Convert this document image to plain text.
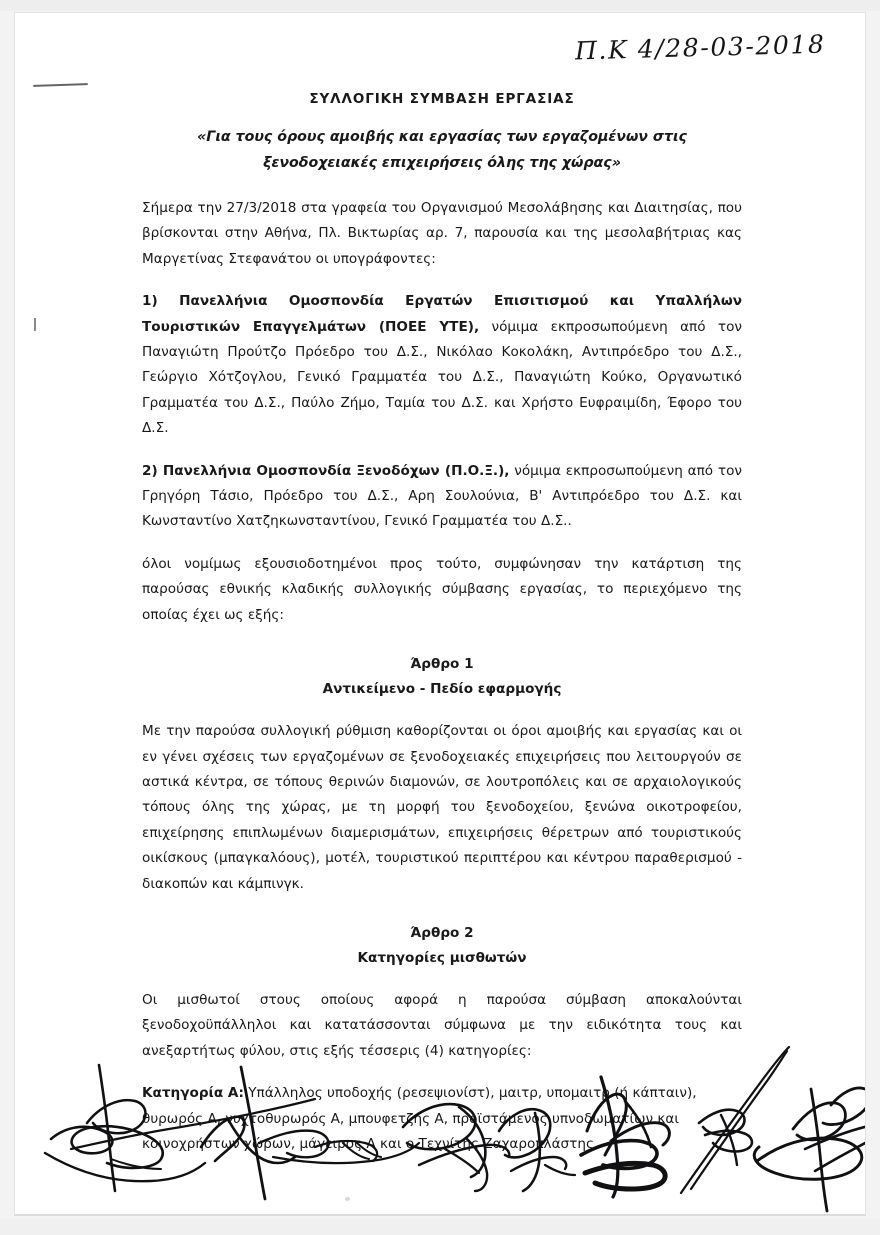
Π.Κ 4/28-03-2018
ΣΥΛΛΟΓΙΚΗ ΣΥΜΒΑΣΗ ΕΡΓΑΣΙΑΣ
«Για τους όρους αμοιβής και εργασίας των εργαζομένων στις ξενοδοχειακές επιχειρήσεις όλης της χώρας»

Σήμερα την 27/3/2018 στα γραφεία του Οργανισμού Μεσολάβησης και Διαιτησίας, που βρίσκονται στην Αθήνα, Πλ. Βικτωρίας αρ. 7, παρουσία και της μεσολαβήτριας κας Μαργετίνας Στεφανάτου οι υπογράφοντες:

1) Πανελλήνια Ομοσπονδία Εργατών Επισιτισμού και Υπαλλήλων Τουριστικών Επαγγελμάτων (ΠΟΕΕ ΥΤΕ), νόμιμα εκπροσωπούμενη από τον Παναγιώτη Προύτζο Πρόεδρο του Δ.Σ., Νικόλαο Κοκολάκη, Αντιπρόεδρο του Δ.Σ., Γεώργιο Χότζογλου, Γενικό Γραμματέα του Δ.Σ., Παναγιώτη Κούκο, Οργανωτικό Γραμματέα του Δ.Σ., Παύλο Ζήμο, Ταμία του Δ.Σ. και Χρήστο Ευφραιμίδη, Έφορο του Δ.Σ.

2) Πανελλήνια Ομοσπονδία Ξενοδόχων (Π.Ο.Ξ.), νόμιμα εκπροσωπούμενη από τον Γρηγόρη Τάσιο, Πρόεδρο του Δ.Σ., Αρη Σουλούνια, Β' Αντιπρόεδρο του Δ.Σ. και Κωνσταντίνο Χατζηκωνσταντίνου, Γενικό Γραμματέα του Δ.Σ..

όλοι νομίμως εξουσιοδοτημένοι προς τούτο, συμφώνησαν την κατάρτιση της παρούσας εθνικής κλαδικής συλλογικής σύμβασης εργασίας, το περιεχόμενο της οποίας έχει ως εξής:

Άρθρο 1
Αντικείμενο - Πεδίο εφαρμογής

Με την παρούσα συλλογική ρύθμιση καθορίζονται οι όροι αμοιβής και εργασίας και οι εν γένει σχέσεις των εργαζομένων σε ξενοδοχειακές επιχειρήσεις που λειτουργούν σε αστικά κέντρα, σε τόπους θερινών διαμονών, σε λουτροπόλεις και σε αρχαιολογικούς τόπους όλης της χώρας, με τη μορφή του ξενοδοχείου, ξενώνα οικοτροφείου, επιχείρησης επιπλωμένων διαμερισμάτων, επιχειρήσεις θέρετρων από τουριστικούς οικίσκους (μπαγκαλόους), μοτέλ, τουριστικού περιπτέρου και κέντρου παραθερισμού - διακοπών και κάμπινγκ.

Άρθρο 2
Κατηγορίες μισθωτών

Οι μισθωτοί στους οποίους αφορά η παρούσα σύμβαση αποκαλούνται ξενοδοχοϋπάλληλοι και κατατάσσονται σύμφωνα με την ειδικότητα τους και ανεξαρτήτως φύλου, στις εξής τέσσερις (4) κατηγορίες:

Κατηγορία Α: Υπάλληλος υποδοχής (ρεσεψιονίστ), μαιτρ, υπομαιτρ (ή κάπταιν), θυρωρός Α, νυχτοθυρωρός Α, μπουφετζής Α, προϊστάμενος υπνοδωματίων και κοινοχρήστων χώρων, μάγειρος Α και ο Τεχνίτης Ζαχαροπλάστης
